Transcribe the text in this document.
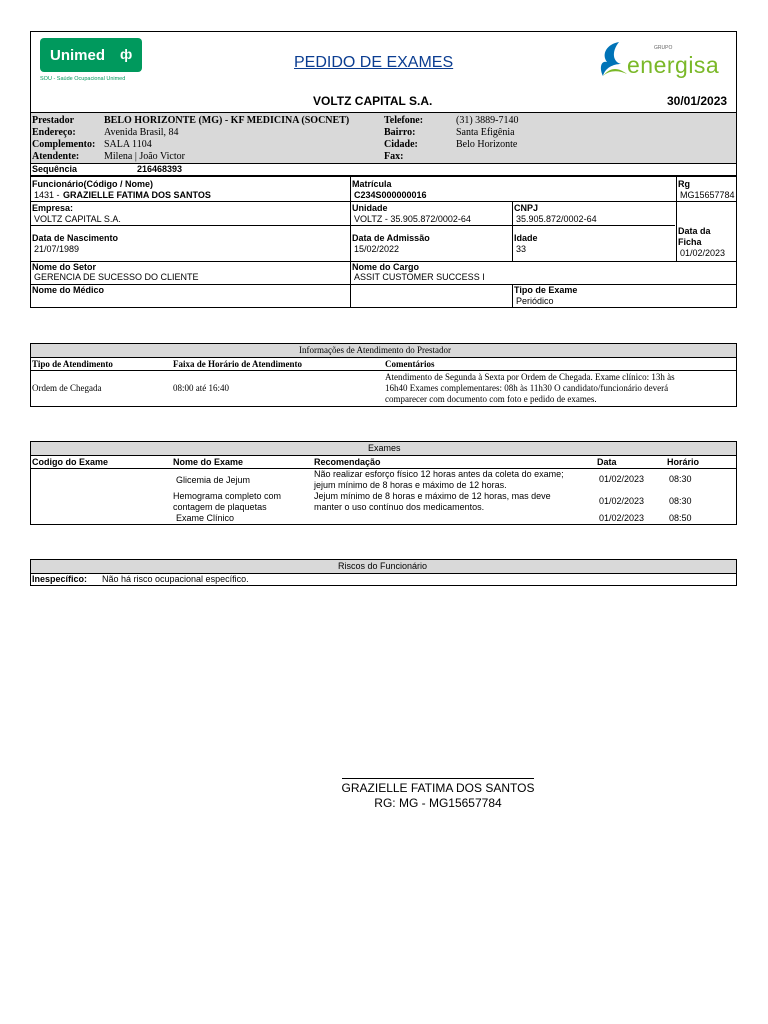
Unimed ф
SOU - Saúde Ocupacional Unimed
PEDIDO DE EXAMES
GRUPO
energisa
VOLTZ CAPITAL S.A.	30/01/2023
Prestador	BELO HORIZONTE (MG) - KF MEDICINA (SOCNET)
Endereço:	Avenida Brasil, 84
Complemento: SALA 1104
Atendente: Milena | João Victor
Telefone:	(31) 3889-7140
Bairro:	Santa Efigênia
Cidade:	Belo Horizonte
Fax:
Sequência	216468393
Funcionário(Código / Nome)
1431 - GRAZIELLE FATIMA DOS SANTOS
Matrícula
C234S000000016
Rg
MG15657784
Empresa:
VOLTZ CAPITAL S.A.
Unidade
VOLTZ - 35.905.872/0002-64
CNPJ
35.905.872/0002-64
Data de Nascimento
21/07/1989
Data de Admissão
15/02/2022
Idade
33
Data da
Ficha
01/02/2023
Nome do Setor
GERENCIA DE SUCESSO DO CLIENTE
Nome do Cargo
ASSIT CUSTOMER SUCCESS I
Nome do Médico	Tipo de Exame
Periódico
Informações de Atendimento do Prestador
Tipo de Atendimento	Faixa de Horário de Atendimento	Comentários
Ordem de Chegada	08:00 até 16:40
Atendimento de Segunda à Sexta por Ordem de Chegada. Exame clínico: 13h às
16h40 Exames complementares: 08h às 11h30 O candidato/funcionário deverá
comparecer com documento com foto e pedido de exames.
Exames
Codigo do Exame	Nome do Exame	Recomendação	Data	Horário
Glicemia de Jejum
Não realizar esforço físico 12 horas antes da coleta do exame;
jejum mínimo de 8 horas e máximo de 12 horas.
01/02/2023	08:30
Hemograma completo com
contagem de plaquetas
Jejum mínimo de 8 horas e máximo de 12 horas, mas deve
manter o uso contínuo dos medicamentos.
01/02/2023	08:30
Exame Clínico	01/02/2023	08:50
Riscos do Funcionário
Inespecífico: Não há risco ocupacional específico.
GRAZIELLE FATIMA DOS SANTOS
RG: MG - MG15657784
